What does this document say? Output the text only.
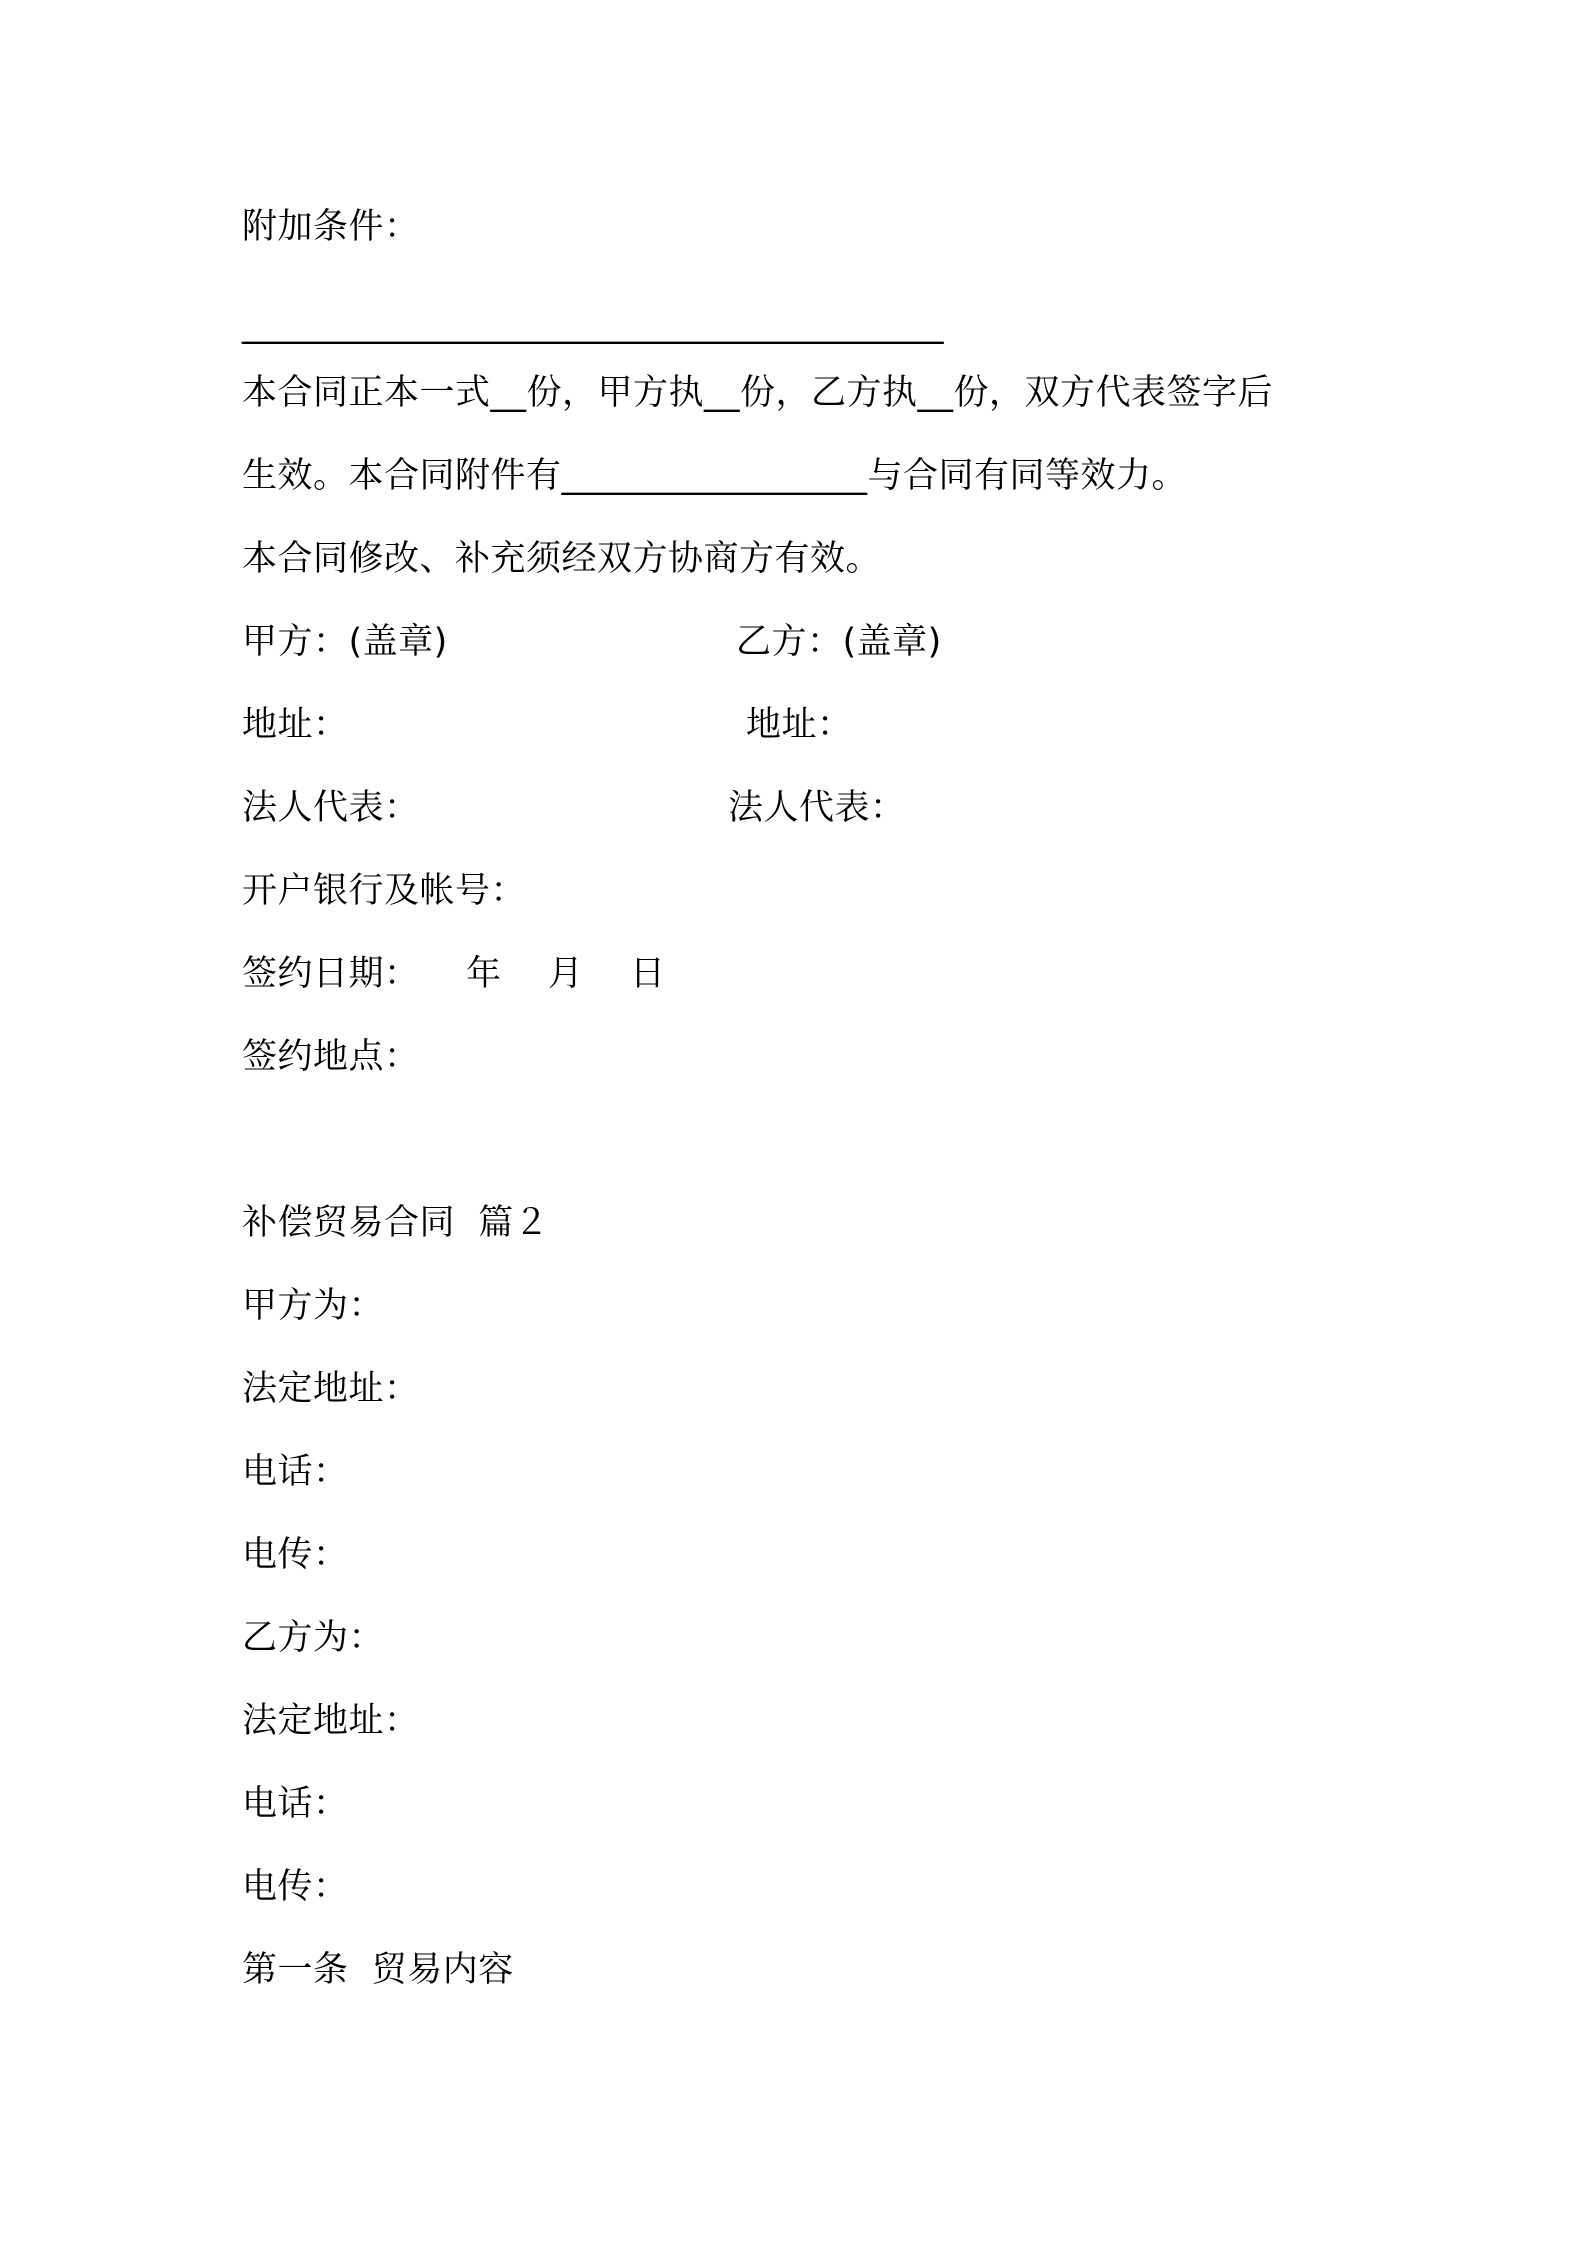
附加条件：
_______________________________________
本合同正本一式__份，甲方执__份，乙方执__份，双方代表签字后
生效。本合同附件有_________________与合同有同等效力。
本合同修改、补充须经双方协商方有效。
甲方：(盖章)	乙方：(盖章)
地址：	地址：
法人代表：	法人代表：
开户银行及帐号：
签约日期： 年    月    日
签约地点：
补偿贸易合同  篇２
甲方为：
法定地址：
电话：
电传：
乙方为：
法定地址：
电话：
电传：
第一条  贸易内容
